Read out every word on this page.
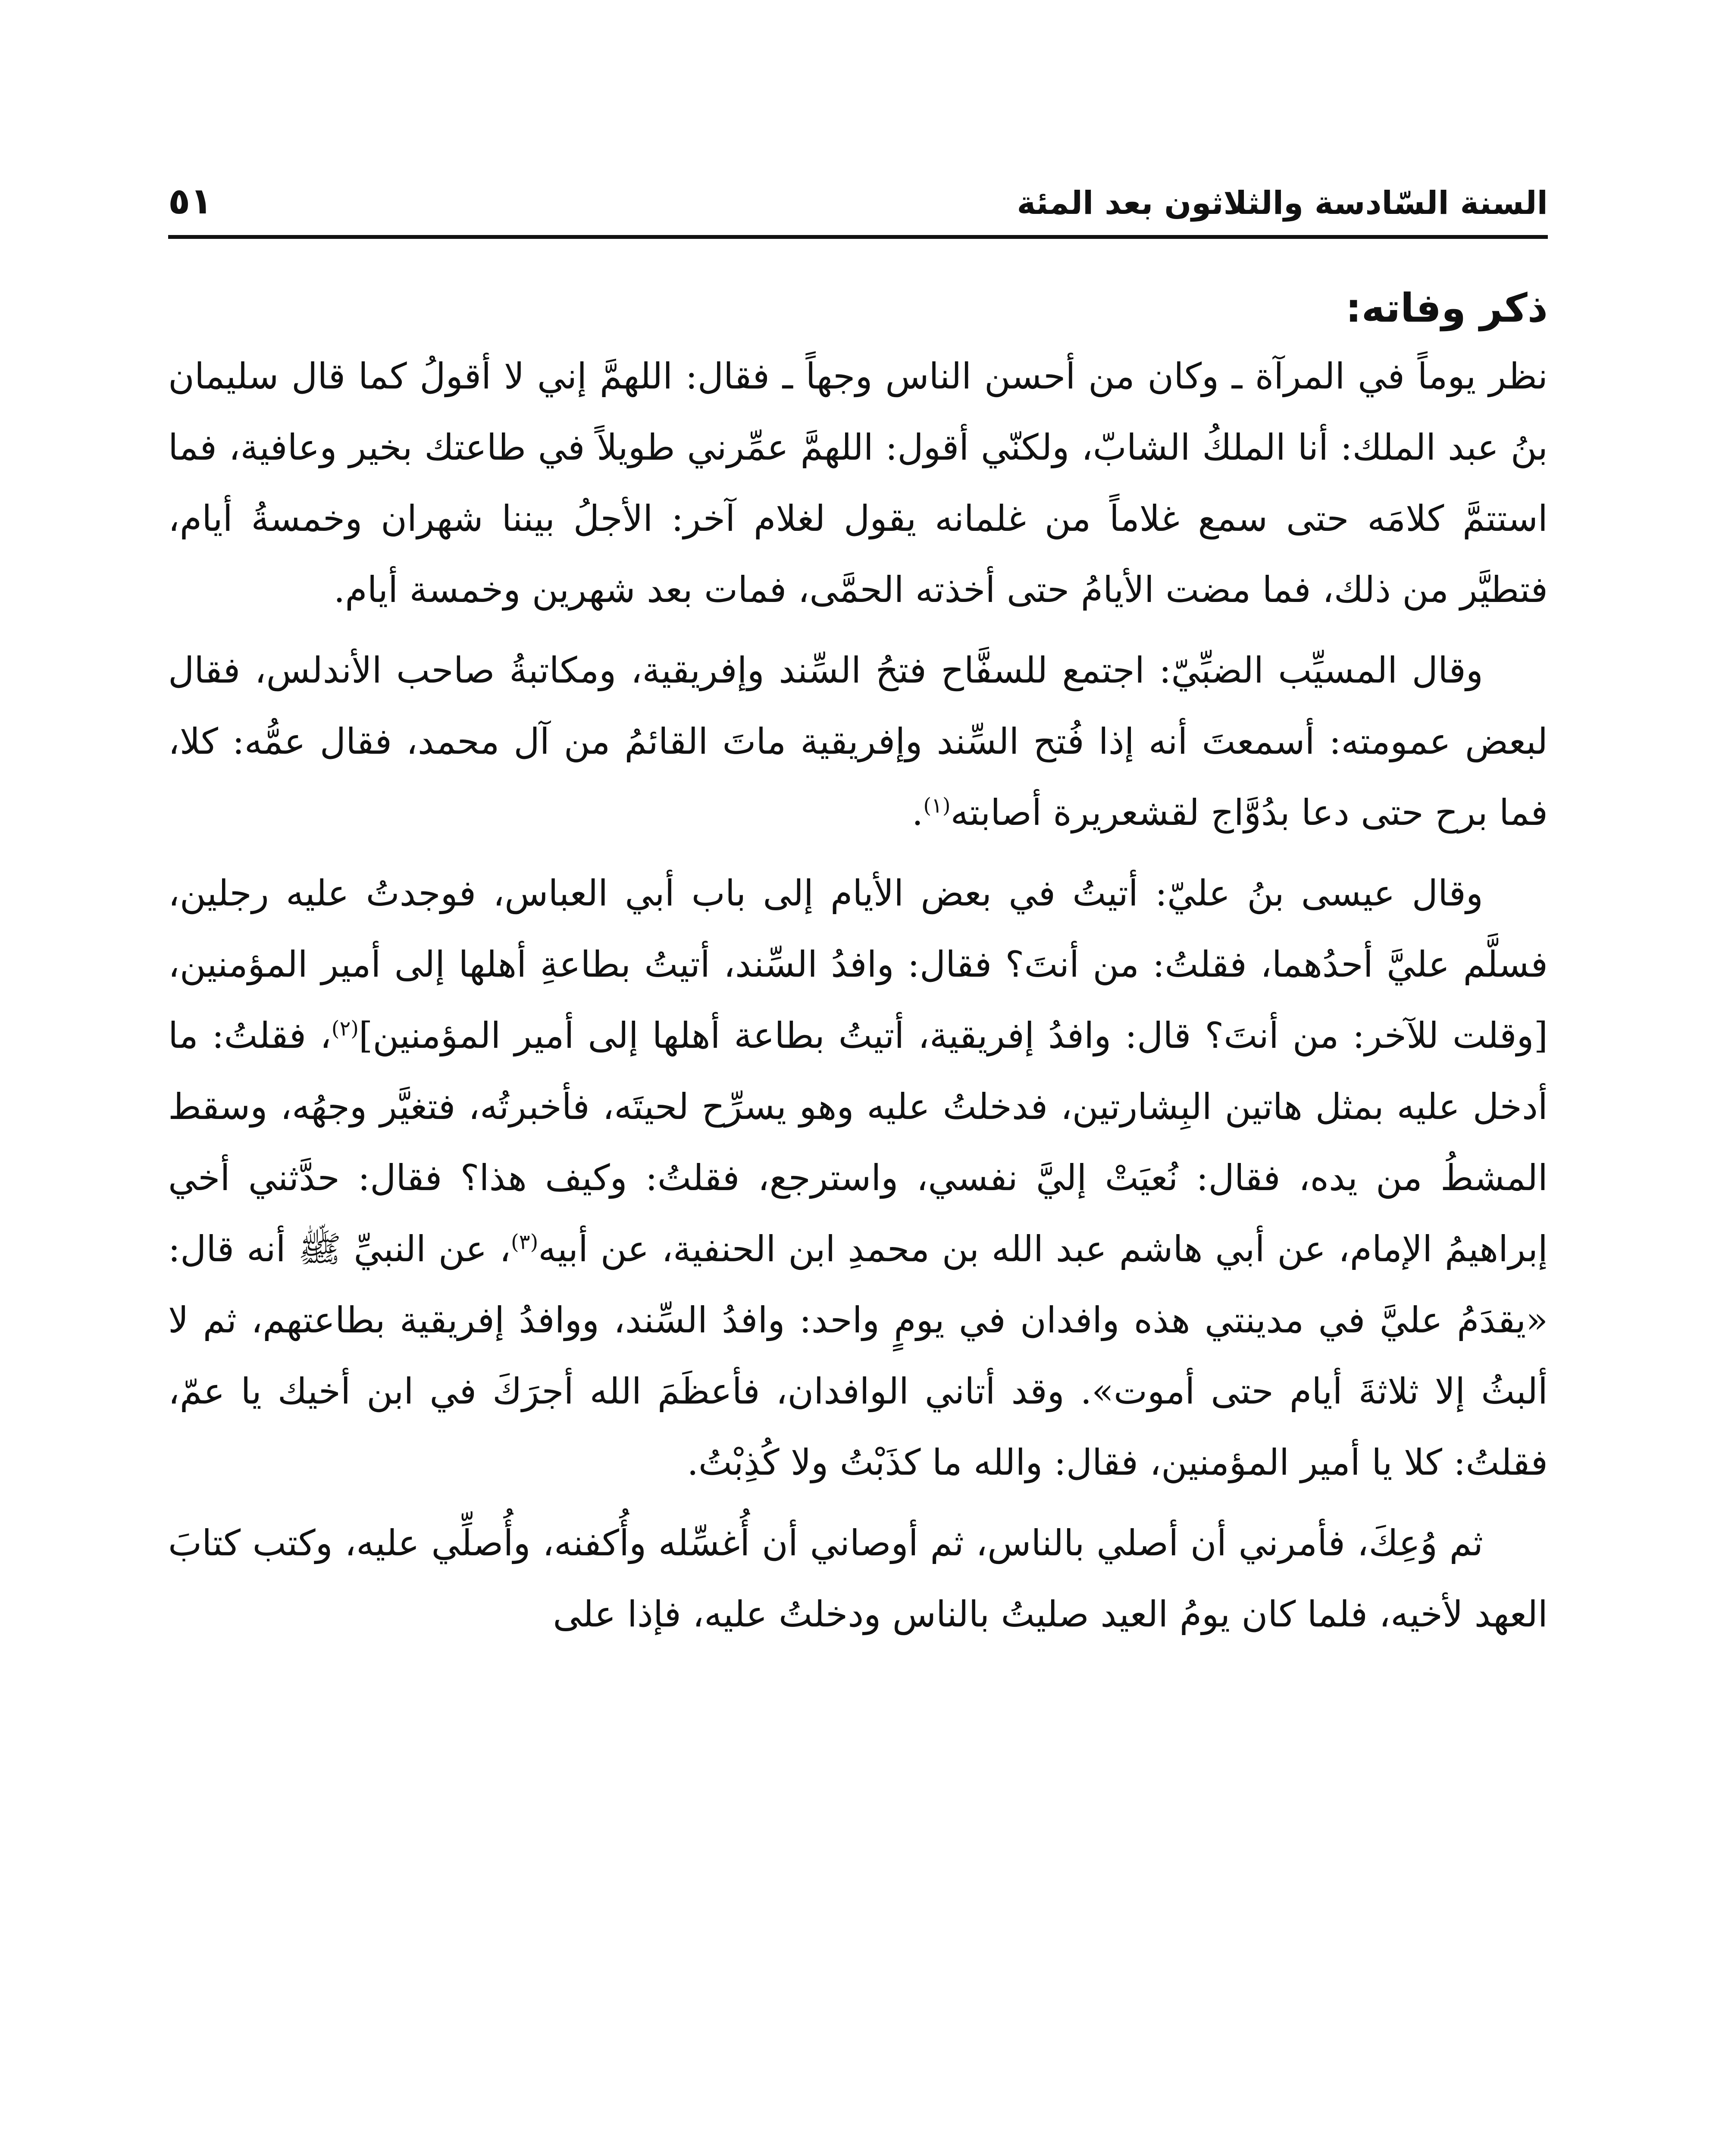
السنة السّادسة والثلاثون بعد المئة
٥١
ذكر وفاته:

نظر يوماً في المرآة ـ وكان من أحسن الناس وجهاً ـ فقال: اللهمَّ إني لا أقولُ كما قال سليمان بنُ عبد الملك: أنا الملكُ الشابّ، ولكنّي أقول: اللهمَّ عمِّرني طويلاً في طاعتك بخير وعافية، فما استتمَّ كلامَه حتى سمع غلاماً من غلمانه يقول لغلام آخر: الأجلُ بيننا شهران وخمسةُ أيام، فتطيَّر من ذلك، فما مضت الأيامُ حتى أخذته الحمَّى، فمات بعد شهرين وخمسة أيام.

وقال المسيِّب الضبِّيّ: اجتمع للسفَّاح فتحُ السِّند وإفريقية، ومكاتبةُ صاحب الأندلس، فقال لبعض عمومته: أسمعتَ أنه إذا فُتح السِّند وإفريقية ماتَ القائمُ من آل محمد، فقال عمُّه: كلا، فما برح حتى دعا بدُوَّاج لقشعريرة أصابته$^{(١)}$.

وقال عيسى بنُ عليّ: أتيتُ في بعض الأيام إلى باب أبي العباس، فوجدتُ عليه رجلين، فسلَّم عليَّ أحدُهما، فقلتُ: من أنتَ؟ فقال: وافدُ السِّند، أتيتُ بطاعةِ أهلها إلى أمير المؤمنين، [وقلت للآخر: من أنتَ؟ قال: وافدُ إفريقية، أتيتُ بطاعة أهلها إلى أمير المؤمنين]$^{(٢)}$، فقلتُ: ما أدخل عليه بمثل هاتين البِشارتين، فدخلتُ عليه وهو يسرِّح لحيتَه، فأخبرتُه، فتغيَّر وجهُه، وسقط المشطُ من يده، فقال: نُعيَتْ إليَّ نفسي، واسترجع، فقلتُ: وكيف هذا؟ فقال: حدَّثني أخي إبراهيمُ الإمام، عن أبي هاشم عبد الله بن محمدِ ابن الحنفية، عن أبيه$^{(٣)}$، عن النبيِّ ﷺ أنه قال: «يقدَمُ عليَّ في مدينتي هذه وافدان في يومٍ واحد: وافدُ السِّند، ووافدُ إفريقية بطاعتهم، ثم لا ألبثُ إلا ثلاثةَ أيام حتى أموت». وقد أتاني الوافدان، فأعظَمَ الله أجرَكَ في ابن أخيك يا عمّ، فقلتُ: كلا يا أمير المؤمنين، فقال: والله ما كذَبْتُ ولا كُذِبْتُ.

ثم وُعِكَ، فأمرني أن أصلي بالناس، ثم أوصاني أن أُغسِّله وأُكفنه، وأُصلِّي عليه، وكتب كتابَ العهد لأخيه، فلما كان يومُ العيد صليتُ بالناس ودخلتُ عليه، فإذا على
